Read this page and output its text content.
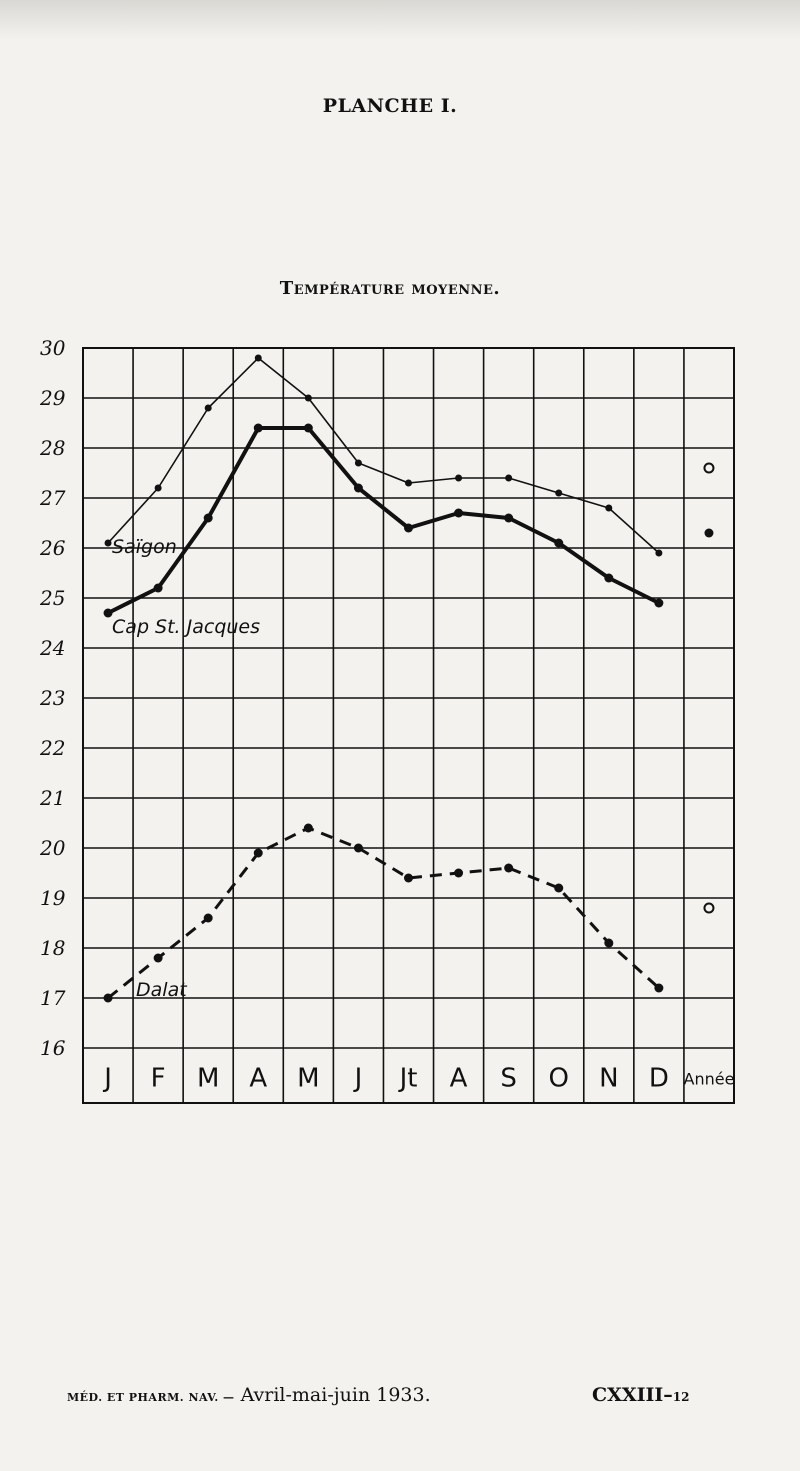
PLANCHE I.
Température moyenne.
30
29
28
27
26
25
24
23
22
21
20
19
18
17
16
J F M A M J Jt A S O N D Année
Saïgon
Cap St. Jacques
Dalat
MÉD. ET PHARM. NAV. — Avril-mai-juin 1933.	CXXIII–12
